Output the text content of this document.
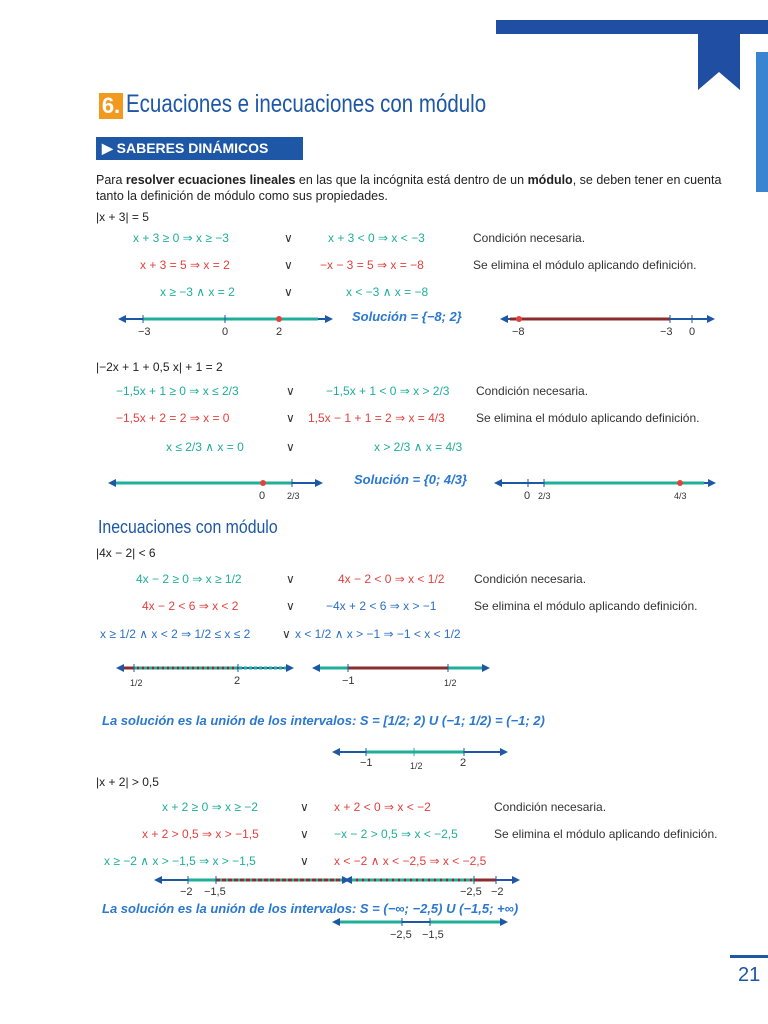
6. Ecuaciones e inecuaciones con módulo
▶ SABERES DINÁMICOS
Para resolver ecuaciones lineales en las que la incógnita está dentro de un módulo, se deben tener en cuenta tanto la definición de módulo como sus propiedades.
|x + 3| = 5
x + 3 ≥ 0 ⇒ x ≥ −3	∨	x + 3 < 0 ⇒ x < −3	Condición necesaria.
x + 3 = 5 ⇒ x = 2	∨ −x − 3 = 5 ⇒ x = −8	Se elimina el módulo aplicando definición.
x ≥ −3 ∧ x = 2	∨	x < −3 ∧ x = −8
Solución = {−8; 2}
−3	0	2	−8	−3 0
|−2x + 1 + 0,5 x| + 1 = 2
−1,5x + 1 ≥ 0 ⇒ x ≤ 2/3	∨	−1,5x + 1 < 0 ⇒ x > 2/3 Condición necesaria.
−1,5x + 2 = 2 ⇒ x = 0	∨ 1,5x − 1 + 1 = 2 ⇒ x = 4/3	Se elimina el módulo aplicando definición.
x ≤ 2/3 ∧ x = 0	∨	x > 2/3 ∧ x = 4/3
Solución = {0; 4/3}
0 2/3	0 2/3	4/3
Inecuaciones con módulo
|4x − 2| < 6
4x − 2 ≥ 0 ⇒ x ≥ 1/2	∨	4x − 2 < 0 ⇒ x < 1/2 Condición necesaria.
4x − 2 < 6 ⇒ x < 2	∨	−4x + 2 < 6 ⇒ x > −1	Se elimina el módulo aplicando definición.
x ≥ 1/2 ∧ x < 2 ⇒ 1/2 ≤ x ≤ 2	∨ x < 1/2 ∧ x > −1 ⇒ −1 < x < 1/2
1/2	2	−1	1/2
La solución es la unión de los intervalos: S = [1/2; 2) U (−1; 1/2) = (−1; 2)
−1	1/2	2
|x + 2| > 0,5
x + 2 ≥ 0 ⇒ x ≥ −2	∨ x + 2 < 0 ⇒ x < −2	Condición necesaria.
x + 2 > 0,5 ⇒ x > −1,5	∨ −x − 2 > 0,5 ⇒ x < −2,5	Se elimina el módulo aplicando definición.
x ≥ −2 ∧ x > −1,5 ⇒ x > −1,5	∨ x < −2 ∧ x < −2,5 ⇒ x < −2,5
−2 −1,5	−2,5 −2
La solución es la unión de los intervalos: S = (−∞; −2,5) U (−1,5; +∞)
−2,5 −1,5
21
